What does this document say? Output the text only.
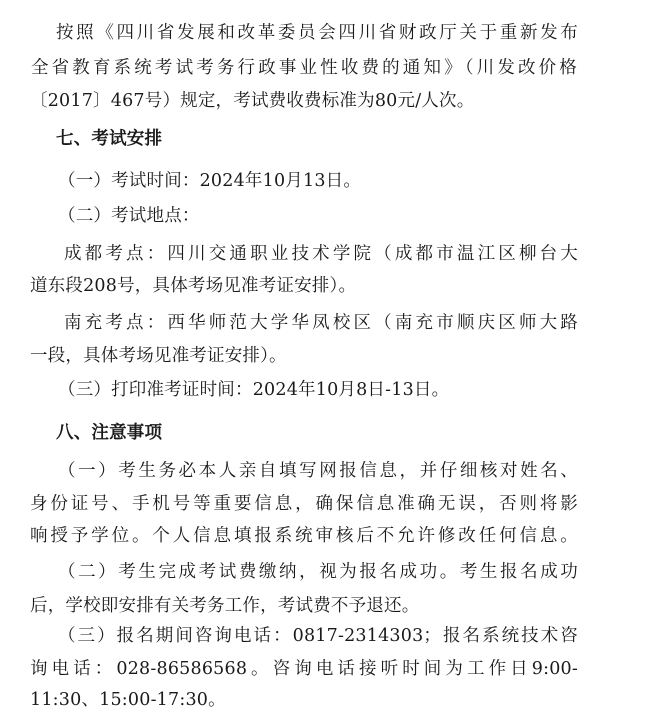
按照《四川省发展和改革委员会四川省财政厅关于重新发布
全省教育系统考试考务行政事业性收费的通知》（川发改价格
〔2017〕467号）规定，考试费收费标准为80元/人次。
七、考试安排
（一）考试时间：2024年10月13日。
（二）考试地点：
成都考点：四川交通职业技术学院（成都市温江区柳台大
道东段208号，具体考场见准考证安排）。
南充考点：西华师范大学华凤校区（南充市顺庆区师大路
一段，具体考场见准考证安排）。
（三）打印准考证时间：2024年10月8日-13日。
八、注意事项
（一）考生务必本人亲自填写网报信息，并仔细核对姓名、
身份证号、手机号等重要信息，确保信息准确无误，否则将影
响授予学位。个人信息填报系统审核后不允许修改任何信息。
（二）考生完成考试费缴纳，视为报名成功。考生报名成功
后，学校即安排有关考务工作，考试费不予退还。
（三）报名期间咨询电话：0817-2314303；报名系统技术咨
询电话：028-86586568。咨询电话接听时间为工作日9:00-
11:30、15:00-17:30。
